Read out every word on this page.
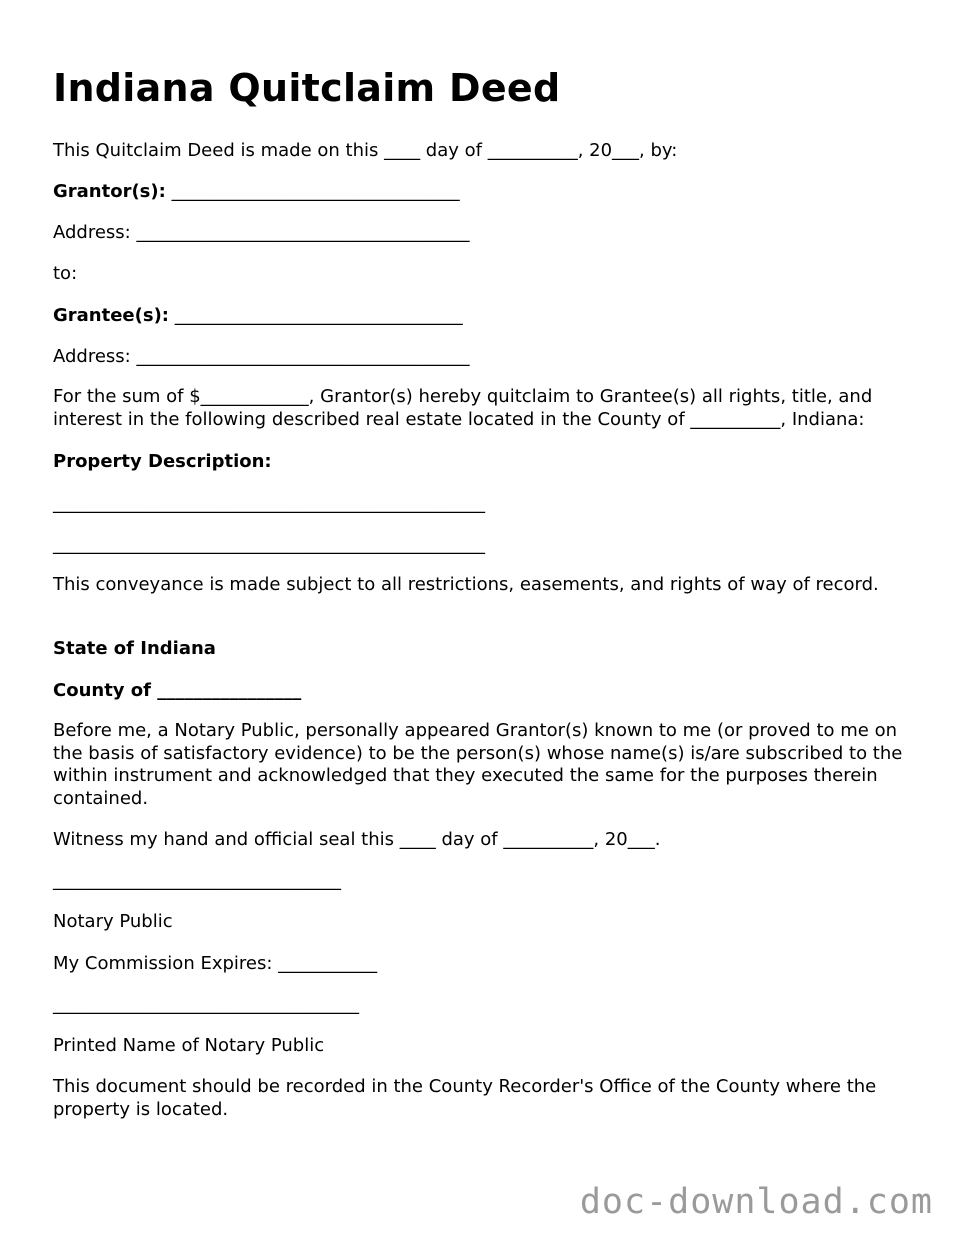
Indiana Quitclaim Deed
This Quitclaim Deed is made on this ____ day of __________, 20___, by:
Grantor(s): ________________________________
Address: _____________________________________
to:
Grantee(s): ________________________________
Address: _____________________________________
For the sum of $____________, Grantor(s) hereby quitclaim to Grantee(s) all rights, title, and interest in the following described real estate located in the County of __________, Indiana:
Property Description:
________________________________________________
________________________________________________
This conveyance is made subject to all restrictions, easements, and rights of way of record.
State of Indiana
County of ________________
Before me, a Notary Public, personally appeared Grantor(s) known to me (or proved to me on the basis of satisfactory evidence) to be the person(s) whose name(s) is/are subscribed to the within instrument and acknowledged that they executed the same for the purposes therein contained.
Witness my hand and official seal this ____ day of __________, 20___.
________________________________
Notary Public
My Commission Expires: ___________
__________________________________
Printed Name of Notary Public
This document should be recorded in the County Recorder's Office of the County where the property is located.
doc-download.com
